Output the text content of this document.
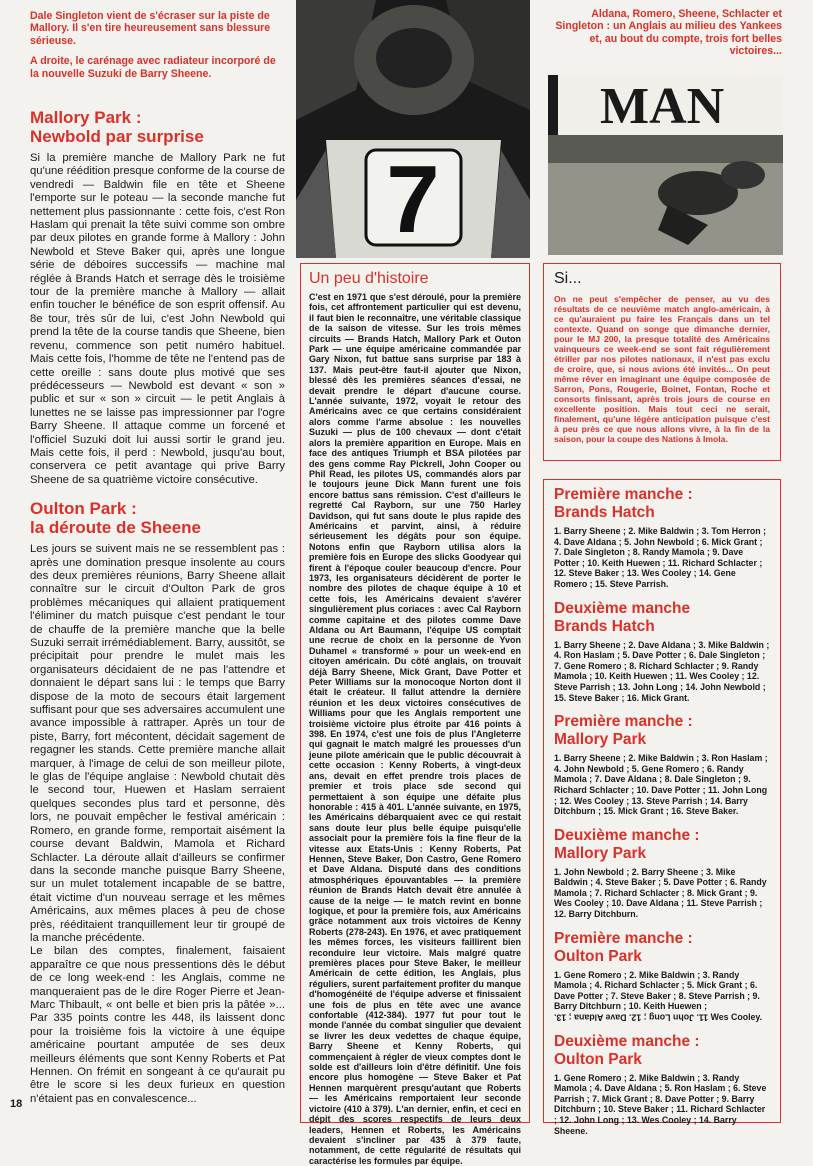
Dale Singleton vient de s'écraser sur la piste de Mallory. Il s'en tire heureusement sans blessure sérieuse.

A droite, le carénage avec radiateur incorporé de la nouvelle Suzuki de Barry Sheene.

Mallory Park :
Newbold par surprise

Si la première manche de Mallory Park ne fut qu'une réédition presque conforme de la course de vendredi — Baldwin file en tête et Sheene l'emporte sur le poteau — la seconde manche fut nettement plus passionnante : cette fois, c'est Ron Haslam qui prenait la tête suivi comme son ombre par deux pilotes en grande forme à Mallory : John Newbold et Steve Baker qui, après une longue série de déboires successifs — machine mal réglée à Brands Hatch et serrage dès le troisième tour de la première manche à Mallory — allait enfin toucher le bénéfice de son esprit offensif. Au 8e tour, très sûr de lui, c'est John Newbold qui prend la tête de la course tandis que Sheene, bien revenu, commence son petit numéro habituel. Mais cette fois, l'homme de tête ne l'entend pas de cette oreille : sans doute plus motivé que ses prédécesseurs — Newbold est devant « son » public et sur « son » circuit — le petit Anglais à lunettes ne se laisse pas impressionner par l'ogre Barry Sheene. Il attaque comme un forcené et l'officiel Suzuki doit lui aussi sortir le grand jeu. Mais cette fois, il perd : Newbold, jusqu'au bout, conservera ce petit avantage qui prive Barry Sheene de sa quatrième victoire consécutive.

Oulton Park :
la déroute de Sheene

Les jours se suivent mais ne se ressemblent pas : après une domination presque insolente au cours des deux premières réunions, Barry Sheene allait connaître sur le circuit d'Oulton Park de gros problèmes mécaniques qui allaient pratiquement l'éliminer du match puisque c'est pendant le tour de chauffe de la première manche que la belle Suzuki serrait irrémédiablement. Barry, aussitôt, se précipitait pour prendre le mulet mais les organisateurs décidaient de ne pas l'attendre et donnaient le départ sans lui : le temps que Barry dispose de la moto de secours était largement suffisant pour que ses adversaires accumulent une avance impossible à rattraper. Après un tour de piste, Barry, fort mécontent, décidait sagement de regagner les stands. Cette première manche allait marquer, à l'image de celui de son meilleur pilote, le glas de l'équipe anglaise : Newbold chutait dès le second tour, Huewen et Haslam serraient quelques secondes plus tard et personne, dès lors, ne pouvait empêcher le festival américain : Romero, en grande forme, remportait aisément la course devant Baldwin, Mamola et Richard Schlacter. La déroute allait d'ailleurs se confirmer dans la seconde manche puisque Barry Sheene, sur un mulet totalement incapable de se battre, était victime d'un nouveau serrage et les mêmes Américains, aux mêmes places à peu de chose près, rééditaient tranquillement leur tir groupé de la manche précédente.

Le bilan des comptes, finalement, faisaient apparaître ce que nous pressentions dès le début de ce long week-end : les Anglais, comme ne manqueraient pas de le dire Roger Pierre et Jean-Marc Thibault, « ont belle et bien pris la pâtée »... Par 335 points contre les 448, ils laissent donc pour la troisième fois la victoire à une équipe américaine pourtant amputée de ses deux meilleurs éléments que sont Kenny Roberts et Pat Hennen. On frémit en songeant à ce qu'aurait pu être le score si les deux furieux en question n'étaient pas en convalescence...

18
7
Aldana, Romero, Sheene, Schlacter et Singleton : un Anglais au milieu des Yankees et, au bout du compte, trois fort belles victoires...
MAN
Un peu d'histoire

C'est en 1971 que s'est déroulé, pour la première fois, cet affrontement particulier qui est devenu, il faut bien le reconnaître, une véritable classique de la saison de vitesse. Sur les trois mêmes circuits — Brands Hatch, Mallory Park et Outon Park — une équipe américaine commandée par Gary Nixon, fut battue sans surprise par 183 à 137. Mais peut-être faut-il ajouter que Nixon, blessé dès les premières séances d'essai, ne devait prendre le départ d'aucune course. L'année suivante, 1972, voyait le retour des Américains avec ce que certains considéraient alors comme l'arme absolue : les nouvelles Suzuki — plus de 100 chevaux — dont c'était alors la première apparition en Europe. Mais en face des antiques Triumph et BSA pilotées par des gens comme Ray Pickrell, John Cooper ou Phil Read, les pilotes US, commandés alors par le toujours jeune Dick Mann furent une fois encore battus sans rémission. C'est d'ailleurs le regretté Cal Rayborn, sur une 750 Harley Davidson, qui fut sans doute le plus rapide des Américains et parvint, ainsi, à réduire sérieusement les dégâts pour son équipe. Notons enfin que Rayborn utilisa alors la première fois en Europe des slicks Goodyear qui firent à l'époque couler beaucoup d'encre. Pour 1973, les organisateurs décidèrent de porter le nombre des pilotes de chaque équipe à 10 et cette fois, les Américains devaient s'avérer singulièrement plus coriaces : avec Cal Rayborn comme capitaine et des pilotes comme Dave Aldana ou Art Baumann, l'équipe US comptait une recrue de choix en la personne de Yvon Duhamel « transformé » pour un week-end en citoyen américain. Du côté anglais, on trouvait déjà Barry Sheene, Mick Grant, Dave Potter et Peter Williams sur la monocoque Norton dont il était le créateur. Il fallut attendre la dernière réunion et les deux victoires consécutives de Williams pour que les Anglais remportent une troisième victoire plus étroite par 416 points à 398. En 1974, c'est une fois de plus l'Angleterre qui gagnait le match malgré les prouesses d'un jeune pilote américain que le public découvrait à cette occasion : Kenny Roberts, à vingt-deux ans, devait en effet prendre trois places de premier et trois place sde second qui permettaient à son équipe une défaite plus honorable : 415 à 401. L'année suivante, en 1975, les Américains débarquaient avec ce qui restait sans doute leur plus belle équipe puisqu'elle associait pour la première fois la fine fleur de la vitesse aux Etats-Unis : Kenny Roberts, Pat Hennen, Steve Baker, Don Castro, Gene Romero et Dave Aldana. Disputé dans des conditions atmosphériques épouvantables — la première réunion de Brands Hatch devait être annulée à cause de la neige — le match revint en bonne logique, et pour la première fois, aux Américains grâce notamment aux trois victoires de Kenny Roberts (278-243). En 1976, et avec pratiquement les mêmes forces, les visiteurs faillirent bien reconduire leur victoire. Mais malgré quatre premières places pour Steve Baker, le meilleur Américain de cette édition, les Anglais, plus réguliers, surent parfaitement profiter du manque d'homogénéité de l'équipe adverse et finissaient une fois de plus en tête avec une avance confortable (412-384). 1977 fut pour tout le monde l'année du combat singulier que devaient se livrer les deux vedettes de chaque équipe, Barry Sheene et Kenny Roberts, qui commençaient à régler de vieux comptes dont le solde est d'ailleurs loin d'être définitif. Une fois encore plus homogène — Steve Baker et Pat Hennen marquèrent presqu'autant que Roberts — les Américains remportaient leur seconde victoire (410 à 379). L'an dernier, enfin, et ceci en dépit des scores respectifs de leurs deux leaders, Hennen et Roberts, les Américains devaient s'incliner par 435 à 379 faute, notamment, de cette régularité de résultats qui caractérise les formules par équipe.

Si...

On ne peut s'empêcher de penser, au vu des résultats de ce neuvième match anglo-américain, à ce qu'auraient pu faire les Français dans un tel contexte. Quand on songe que dimanche dernier, pour le MJ 200, la presque totalité des Américains vainqueurs ce week-end se sont fait régulièrement étriller par nos pilotes nationaux, il n'est pas exclu de croire, que, si nous avions été invités... On peut même rêver en imaginant une équipe composée de Sarron, Pons, Rougerie, Boinet, Fontan, Roche et consorts finissant, après trois jours de course en excellente position. Mais tout ceci ne serait, finalement, qu'une légère anticipation puisque c'est à peu près ce que nous allons vivre, à la fin de la saison, pour la coupe des Nations à Imola.

Première manche :
Brands Hatch

1. Barry Sheene ; 2. Mike Baldwin ; 3. Tom Herron ; 4. Dave Aldana ; 5. John Newbold ; 6. Mick Grant ; 7. Dale Singleton ; 8. Randy Mamola ; 9. Dave Potter ; 10. Keith Huewen ; 11. Richard Schlacter ; 12. Steve Baker ; 13. Wes Cooley ; 14. Gene Romero ; 15. Steve Parrish.

Deuxième manche
Brands Hatch

1. Barry Sheene ; 2. Dave Aldana ; 3. Mike Baldwin ; 4. Ron Haslam ; 5. Dave Potter ; 6. Dale Singleton ; 7. Gene Romero ; 8. Richard Schlacter ; 9. Randy Mamola ; 10. Keith Huewen ; 11. Wes Cooley ; 12. Steve Parrish ; 13. John Long ; 14. John Newbold ; 15. Steve Baker ; 16. Mick Grant.

Première manche :
Mallory Park

1. Barry Sheene ; 2. Mike Baldwin ; 3. Ron Haslam ; 4. John Newbold ; 5. Gene Romero ; 6. Randy Mamola ; 7. Dave Aldana ; 8. Dale Singleton ; 9. Richard Schlacter ; 10. Dave Potter ; 11. John Long ; 12. Wes Cooley ; 13. Steve Parrish ; 14. Barry Ditchburn ; 15. Mick Grant ; 16. Steve Baker.

Deuxième manche :
Mallory Park

1. John Newbold ; 2. Barry Sheene ; 3. Mike Baldwin ; 4. Steve Baker ; 5. Dave Potter ; 6. Randy Mamola ; 7. Richard Schlacter ; 8. Mick Grant ; 9. Wes Cooley ; 10. Dave Aldana ; 11. Steve Parrish ; 12. Barry Ditchburn.

Première manche :
Oulton Park

1. Gene Romero ; 2. Mike Baldwin ; 3. Randy Mamola ; 4. Richard Schlacter ; 5. Mick Grant ; 6. Dave Potter ; 7. Steve Baker ; 8. Steve Parrish ; 9. Barry Ditchburn ; 10. Keith Huewen ; 11. John Long ; 12. Dave Aldana ; 13. Wes Cooley.

Deuxième manche :
Oulton Park

1. Gene Romero ; 2. Mike Baldwin ; 3. Randy Mamola ; 4. Dave Aldana ; 5. Ron Haslam ; 6. Steve Parrish ; 7. Mick Grant ; 8. Dave Potter ; 9. Barry Ditchburn ; 10. Steve Baker ; 11. Richard Schlacter ; 12. John Long ; 13. Wes Cooley ; 14. Barry Sheene.
